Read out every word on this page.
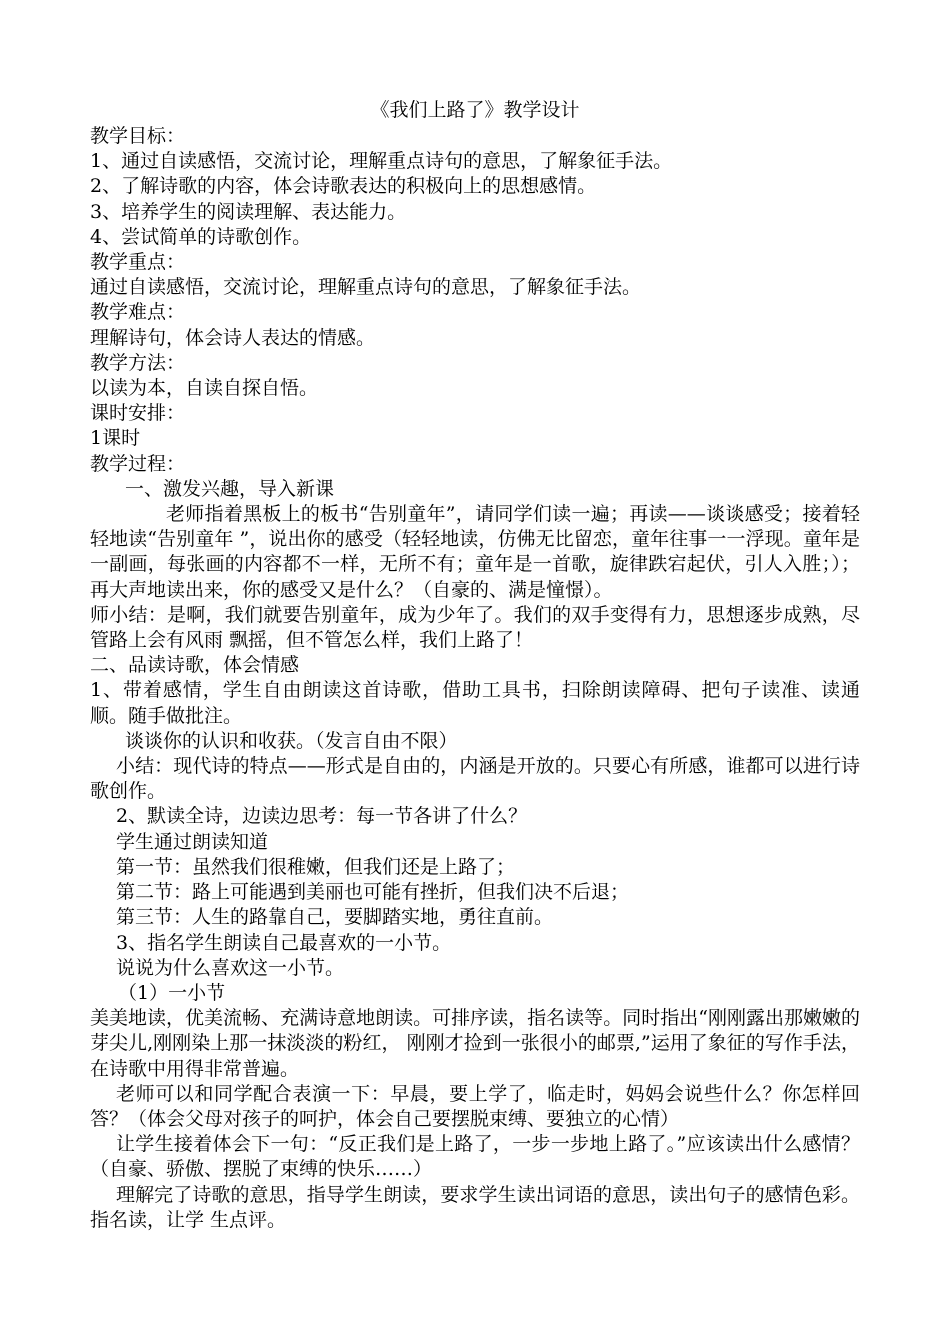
《我们上路了》教学设计

教学目标：

1、通过自读感悟，交流讨论，理解重点诗句的意思，了解象征手法。

2、了解诗歌的内容，体会诗歌表达的积极向上的思想感情。

3、培养学生的阅读理解、表达能力。

4、尝试简单的诗歌创作。

教学重点：

通过自读感悟，交流讨论，理解重点诗句的意思，了解象征手法。

教学难点：

理解诗句，体会诗人表达的情感。

教学方法：

以读为本，自读自探自悟。

课时安排：

1课时

教学过程：

一、激发兴趣，导入新课

老师指着黑板上的板书“告别童年”，请同学们读一遍；再读——谈谈感受；接着轻轻地读“告别童年 ”，说出你的感受（轻轻地读，仿佛无比留恋，童年往事一一浮现。童年是一副画，每张画的内容都不一样，无所不有；童年是一首歌，旋律跌宕起伏，引人入胜；）；再大声地读出来，你的感受又是什么？（自豪的、满是憧憬）。

师小结：是啊，我们就要告别童年，成为少年了。我们的双手变得有力，思想逐步成熟，尽管路上会有风雨 飘摇，但不管怎么样，我们上路了！

二、品读诗歌，体会情感

1、带着感情，学生自由朗读这首诗歌，借助工具书，扫除朗读障碍、把句子读准、读通顺。随手做批注。

谈谈你的认识和收获。（发言自由不限）

小结：现代诗的特点——形式是自由的，内涵是开放的。只要心有所感，谁都可以进行诗歌创作。

2、默读全诗，边读边思考：每一节各讲了什么？

学生通过朗读知道

第一节：虽然我们很稚嫩，但我们还是上路了；

第二节：路上可能遇到美丽也可能有挫折，但我们决不后退；

第三节：人生的路靠自己，要脚踏实地，勇往直前。

3、指名学生朗读自己最喜欢的一小节。

说说为什么喜欢这一小节。

（1）一小节

美美地读，优美流畅、充满诗意地朗读。可排序读，指名读等。同时指出“刚刚露出那嫩嫩的芽尖儿,刚刚染上那一抹淡淡的粉红， 刚刚才捡到一张很小的邮票,”运用了象征的写作手法，在诗歌中用得非常普遍。

老师可以和同学配合表演一下：早晨，要上学了，临走时，妈妈会说些什么？你怎样回答？（体会父母对孩子的呵护，体会自己要摆脱束缚、要独立的心情）

让学生接着体会下一句：“反正我们是上路了，一步一步地上路了。”应该读出什么感情？（自豪、骄傲、摆脱了束缚的快乐……）

理解完了诗歌的意思，指导学生朗读，要求学生读出词语的意思，读出句子的感情色彩。指名读，让学 生点评。
